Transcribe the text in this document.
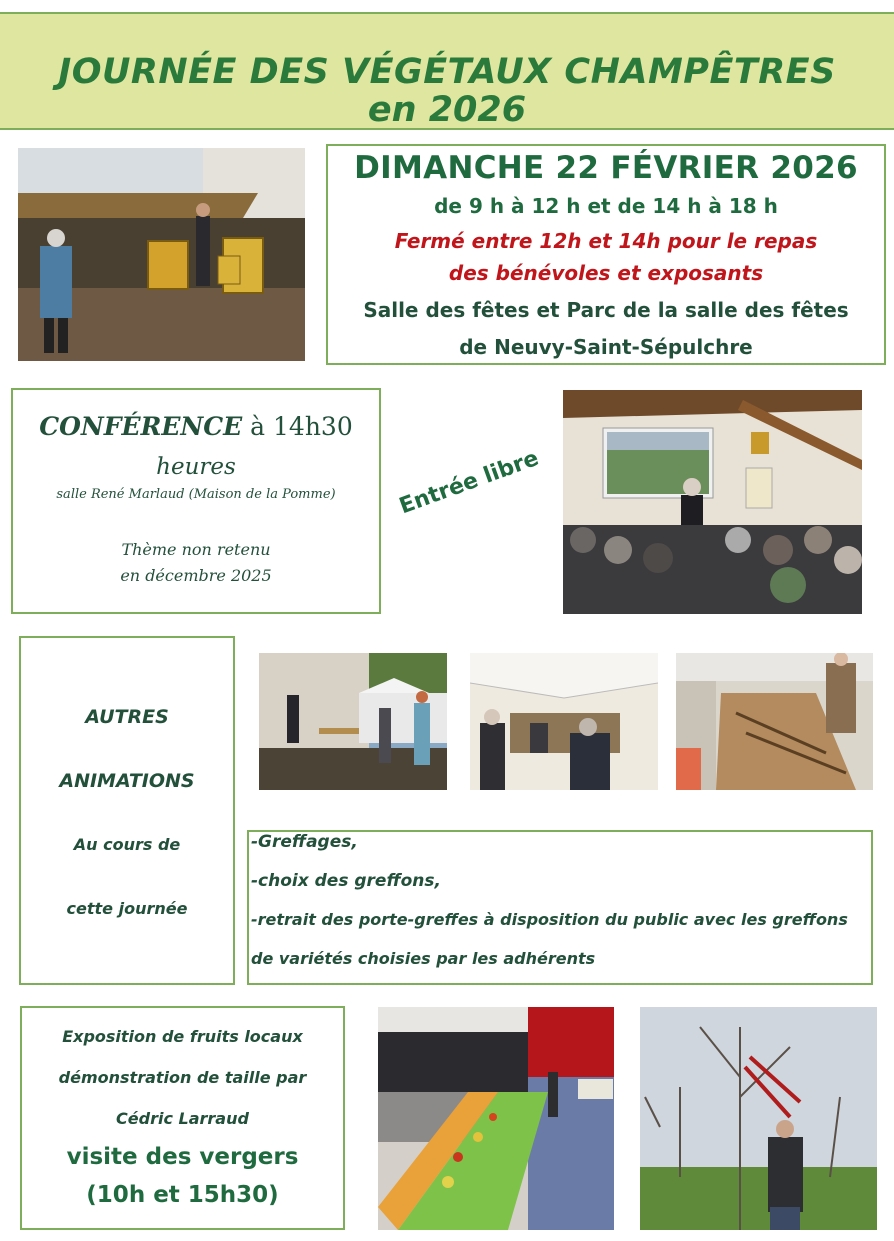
JOURNÉE DES VÉGÉTAUX CHAMPÊTRES
en 2026
DIMANCHE 22 FÉVRIER 2026
de 9 h à 12 h et de 14 h à 18 h
Fermé entre 12h et 14h pour le repas
des bénévoles et exposants
Salle des fêtes et Parc de la salle des fêtes
de Neuvy-Saint-Sépulchre
CONFÉRENCE à 14h30
heures
salle René Marlaud (Maison de la Pomme)
Thème non retenu
en décembre 2025
Entrée libre
AUTRES
ANIMATIONS
Au cours de
cette journée
-Greffages,
-choix des greffons,
-retrait des porte-greffes à disposition du public avec les greffons
de variétés choisies par les adhérents
Exposition de fruits locaux
démonstration de taille par
Cédric Larraud
visite des vergers
(10h et 15h30)
